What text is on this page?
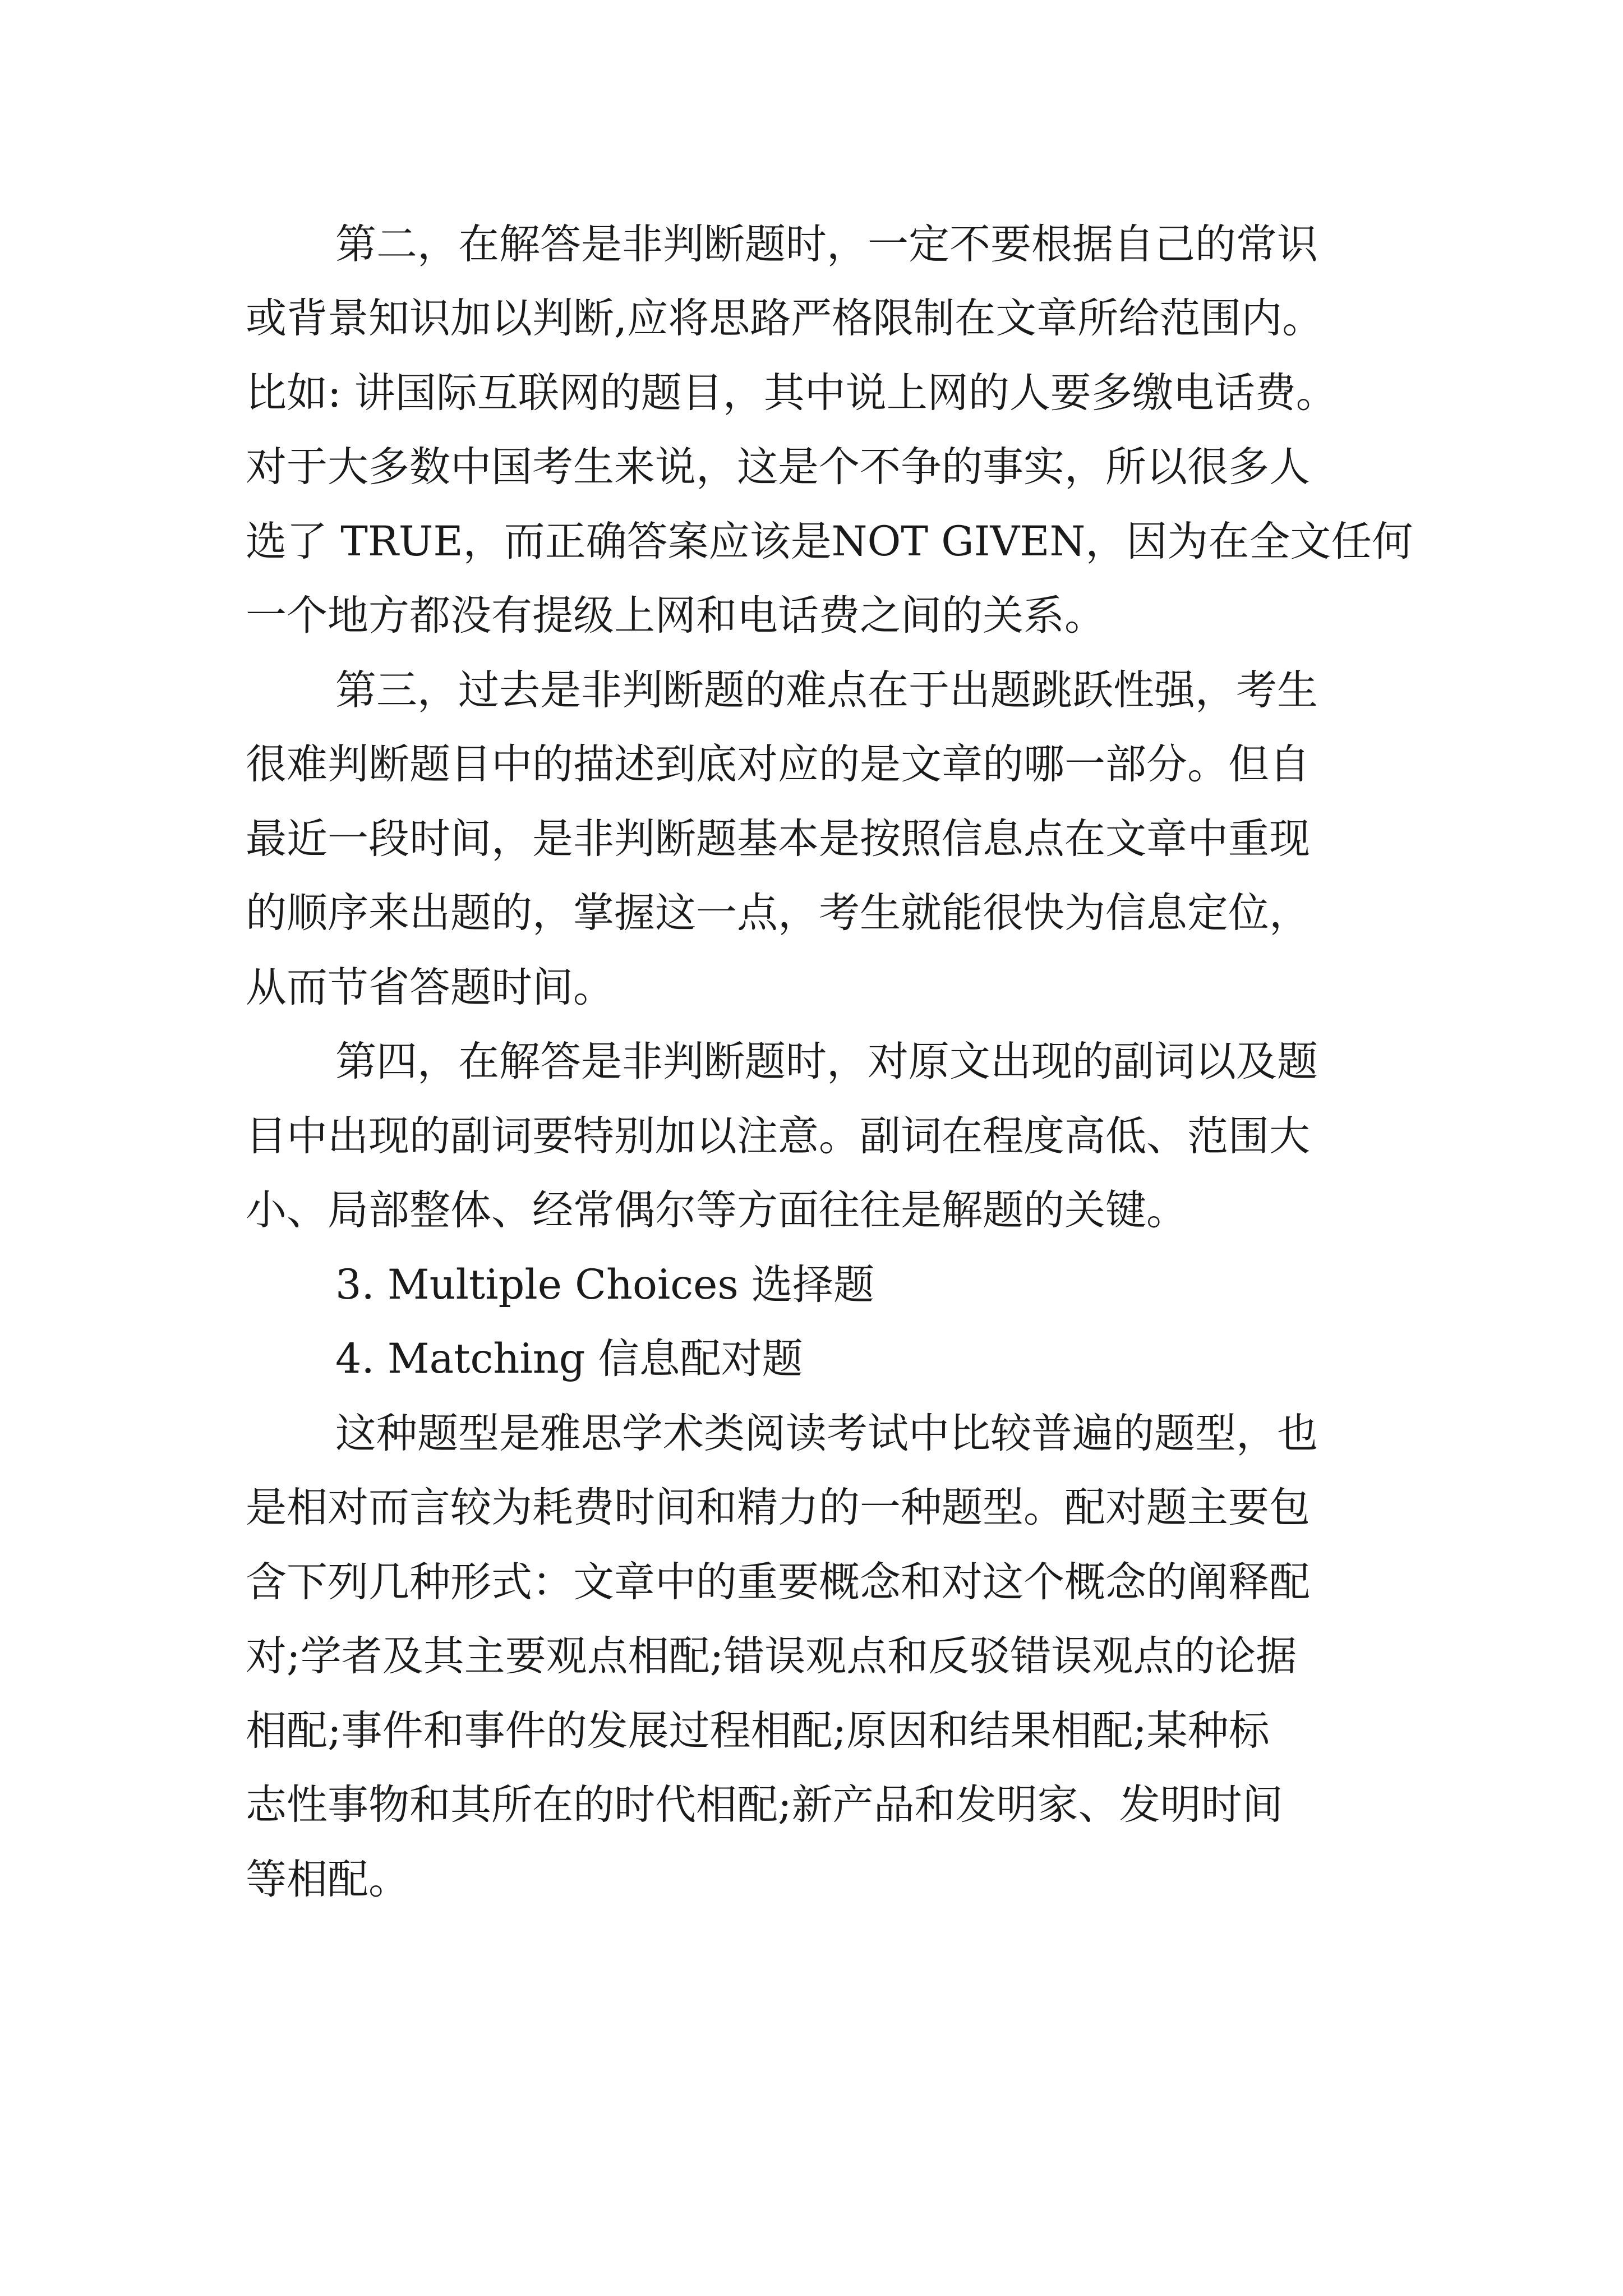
第二，在解答是非判断题时，一定不要根据自己的常识
或背景知识加以判断,应将思路严格限制在文章所给范围内。
比如: 讲国际互联网的题目，其中说上网的人要多缴电话费。
对于大多数中国考生来说，这是个不争的事实，所以很多人
选了 TRUE，而正确答案应该是NOT GIVEN，因为在全文任何
一个地方都没有提级上网和电话费之间的关系。
第三，过去是非判断题的难点在于出题跳跃性强，考生
很难判断题目中的描述到底对应的是文章的哪一部分。但自
最近一段时间，是非判断题基本是按照信息点在文章中重现
的顺序来出题的，掌握这一点，考生就能很快为信息定位，
从而节省答题时间。
第四，在解答是非判断题时，对原文出现的副词以及题
目中出现的副词要特别加以注意。副词在程度高低、范围大
小、局部整体、经常偶尔等方面往往是解题的关键。
3. Multiple Choices 选择题
4. Matching 信息配对题
这种题型是雅思学术类阅读考试中比较普遍的题型，也
是相对而言较为耗费时间和精力的一种题型。配对题主要包
含下列几种形式：文章中的重要概念和对这个概念的阐释配
对;学者及其主要观点相配;错误观点和反驳错误观点的论据
相配;事件和事件的发展过程相配;原因和结果相配;某种标
志性事物和其所在的时代相配;新产品和发明家、发明时间
等相配。
